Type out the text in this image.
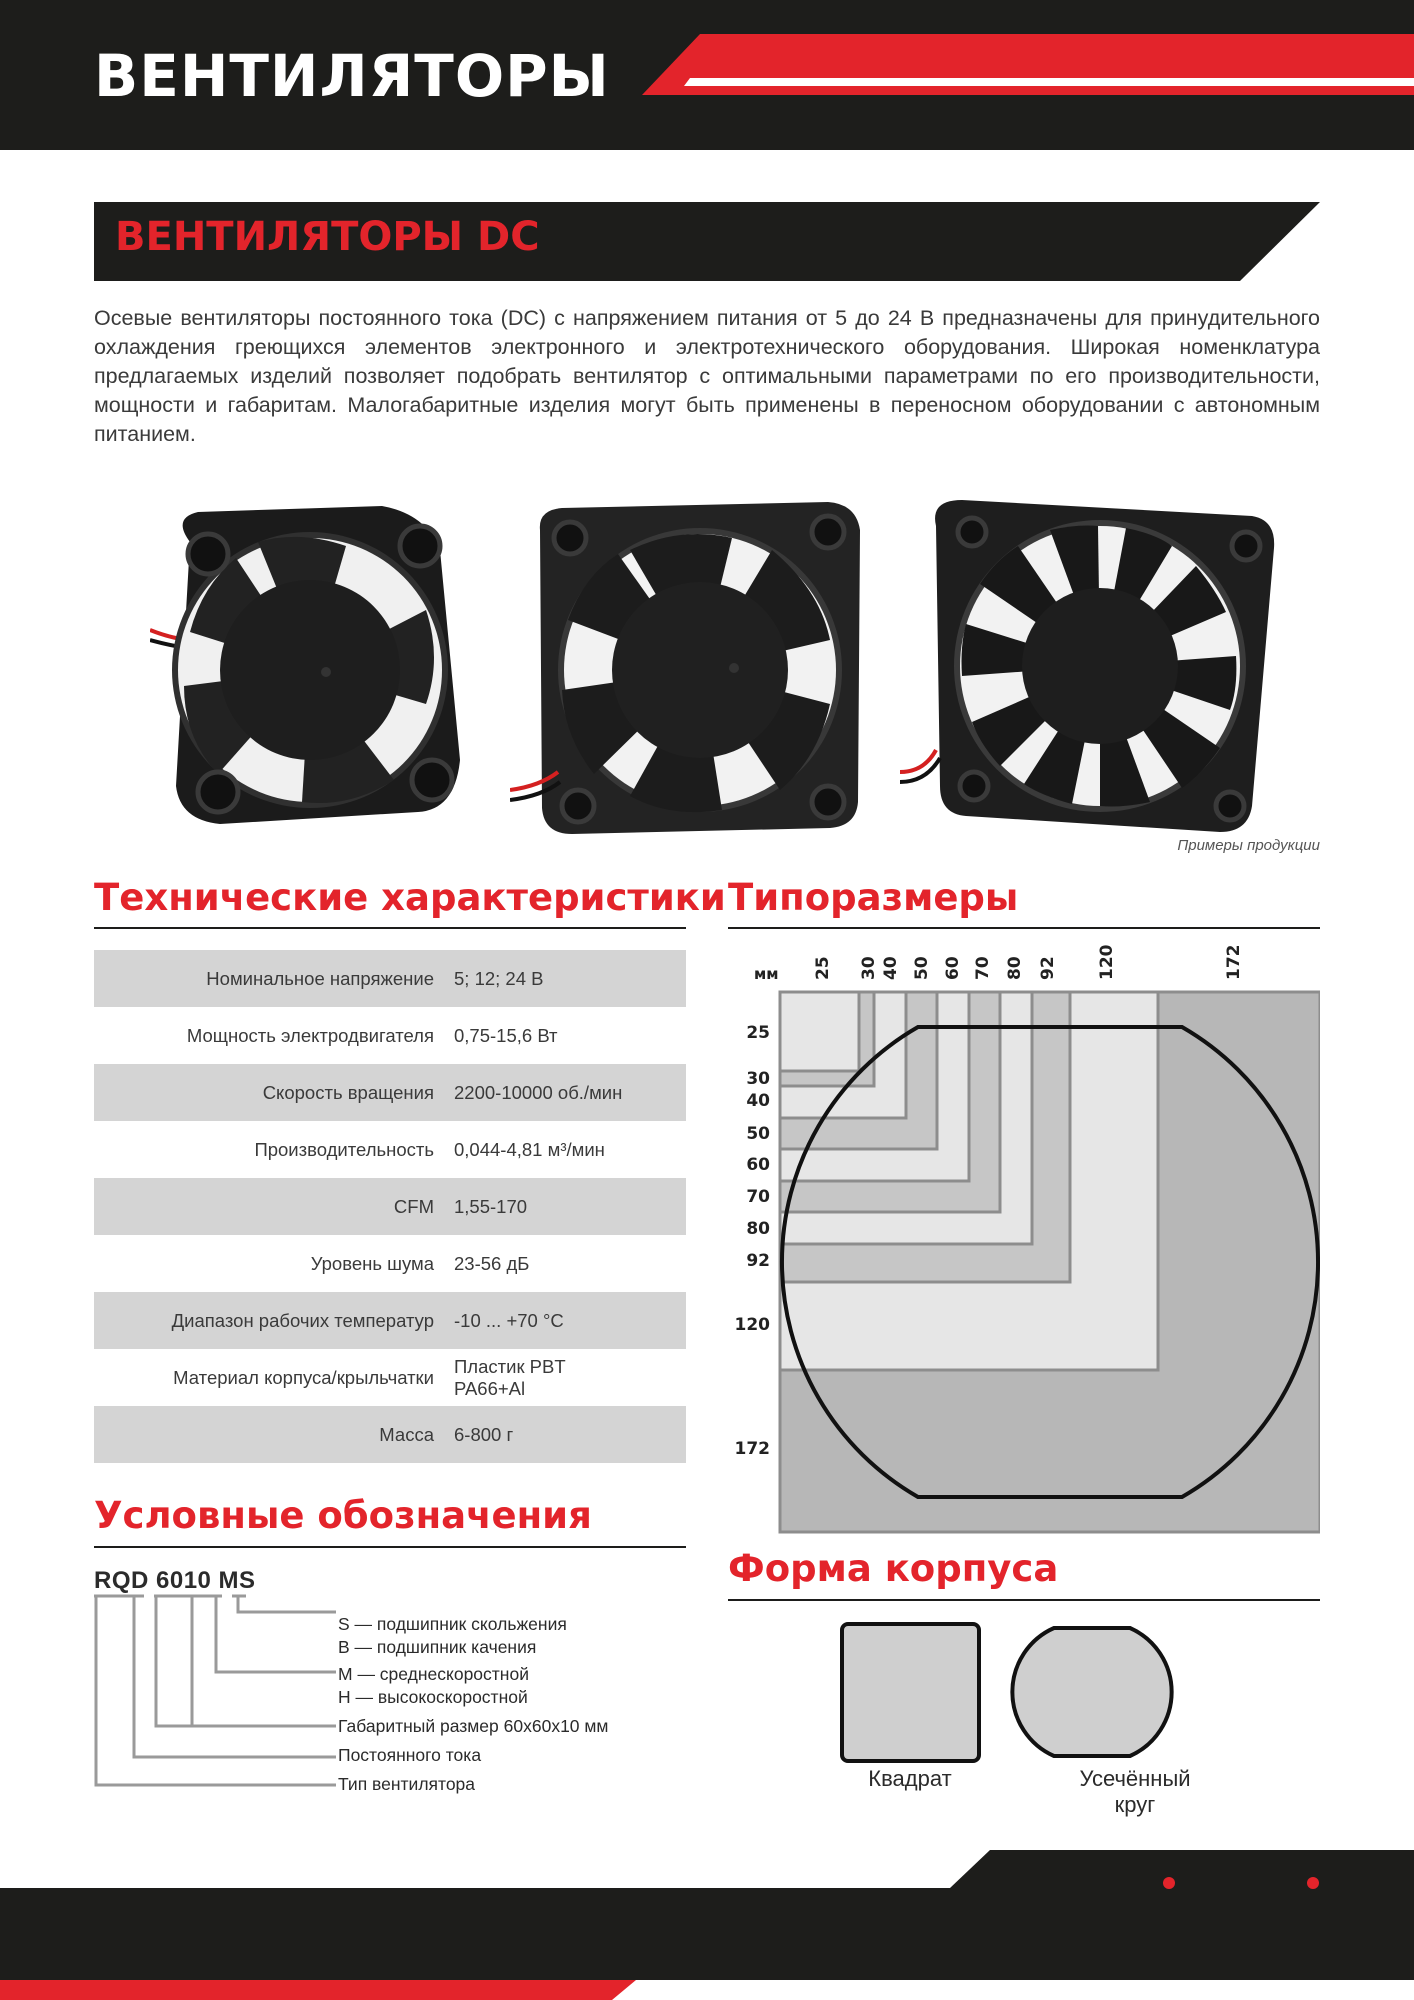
ВЕНТИЛЯТОРЫ
ВЕНТИЛЯТОРЫ DC

Осевые вентиляторы постоянного тока (DC) с напряжением питания от 5 до 24 В предназначены для принудительного охлаждения греющихся элементов электронного и электротехнического оборудования. Широкая номенклатура предлагаемых изделий позволяет подобрать вентилятор с оптимальными параметрами по его производительности, мощности и габаритам. Малогабаритные изделия могут быть применены в переносном оборудовании с автономным питанием.

Примеры продукции
Технические характеристики
Номинальное напряжение	5; 12; 24 В
Мощность электродвигателя	0,75-15,6 Вт
Скорость вращения	2200-10000 об./мин
Производительность	0,044-4,81 м³/мин
CFM	1,55-170
Уровень шума	23-56 дБ
Диапазон рабочих температур	-10 ... +70 °C
Материал корпуса/крыльчатки	Пластик PBT
PA66+Al

Масса	6-800 г
Типоразмеры
мм 25 30 40 50 60 70 80 92 120	172
25
30
40
50
60
70
80
92
120
172
Условные обозначения
RQD 6010 MS
S — подшипник скольжения
B — подшипник качения
M — среднескоростной
H — высокоскоростной
Габаритный размер 60х60х10 мм
Постоянного тока
Тип вентилятора
Форма корпуса
Квадрат	Усечённый
круг
